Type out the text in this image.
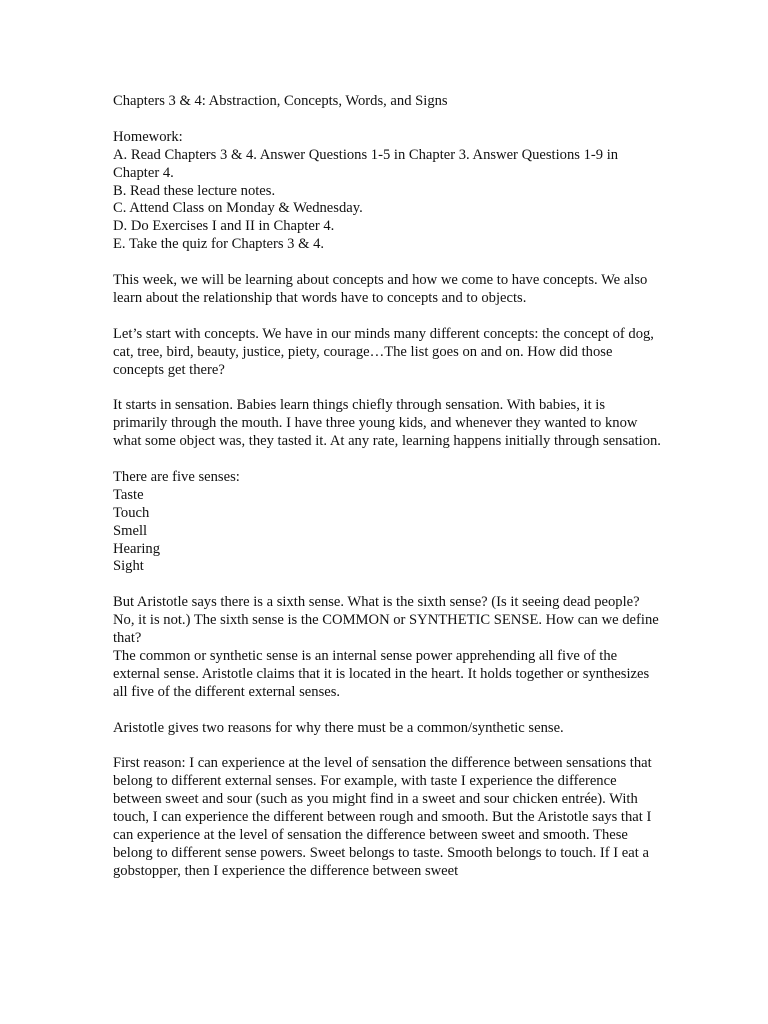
Chapters 3 & 4: Abstraction, Concepts, Words, and Signs

Homework:
A. Read Chapters 3 & 4. Answer Questions 1-5 in Chapter 3. Answer Questions 1-9 in Chapter 4.
B. Read these lecture notes.
C. Attend Class on Monday & Wednesday.
D. Do Exercises I and II in Chapter 4.
E. Take the quiz for Chapters 3 & 4.

This week, we will be learning about concepts and how we come to have concepts. We also learn about the relationship that words have to concepts and to objects.

Let’s start with concepts. We have in our minds many different concepts: the concept of dog, cat, tree, bird, beauty, justice, piety, courage…The list goes on and on. How did those concepts get there?

It starts in sensation. Babies learn things chiefly through sensation. With babies, it is primarily through the mouth. I have three young kids, and whenever they wanted to know what some object was, they tasted it. At any rate, learning happens initially through sensation.

There are five senses:
Taste
Touch
Smell
Hearing
Sight

But Aristotle says there is a sixth sense. What is the sixth sense? (Is it seeing dead people? No, it is not.) The sixth sense is the COMMON or SYNTHETIC SENSE. How can we define that?
The common or synthetic sense is an internal sense power apprehending all five of the external sense. Aristotle claims that it is located in the heart. It holds together or synthesizes all five of the different external senses.

Aristotle gives two reasons for why there must be a common/synthetic sense.

First reason: I can experience at the level of sensation the difference between sensations that belong to different external senses. For example, with taste I experience the difference between sweet and sour (such as you might find in a sweet and sour chicken entrée). With touch, I can experience the different between rough and smooth. But the Aristotle says that I can experience at the level of sensation the difference between sweet and smooth. These belong to different sense powers. Sweet belongs to taste. Smooth belongs to touch. If I eat a gobstopper, then I experience the difference between sweet
